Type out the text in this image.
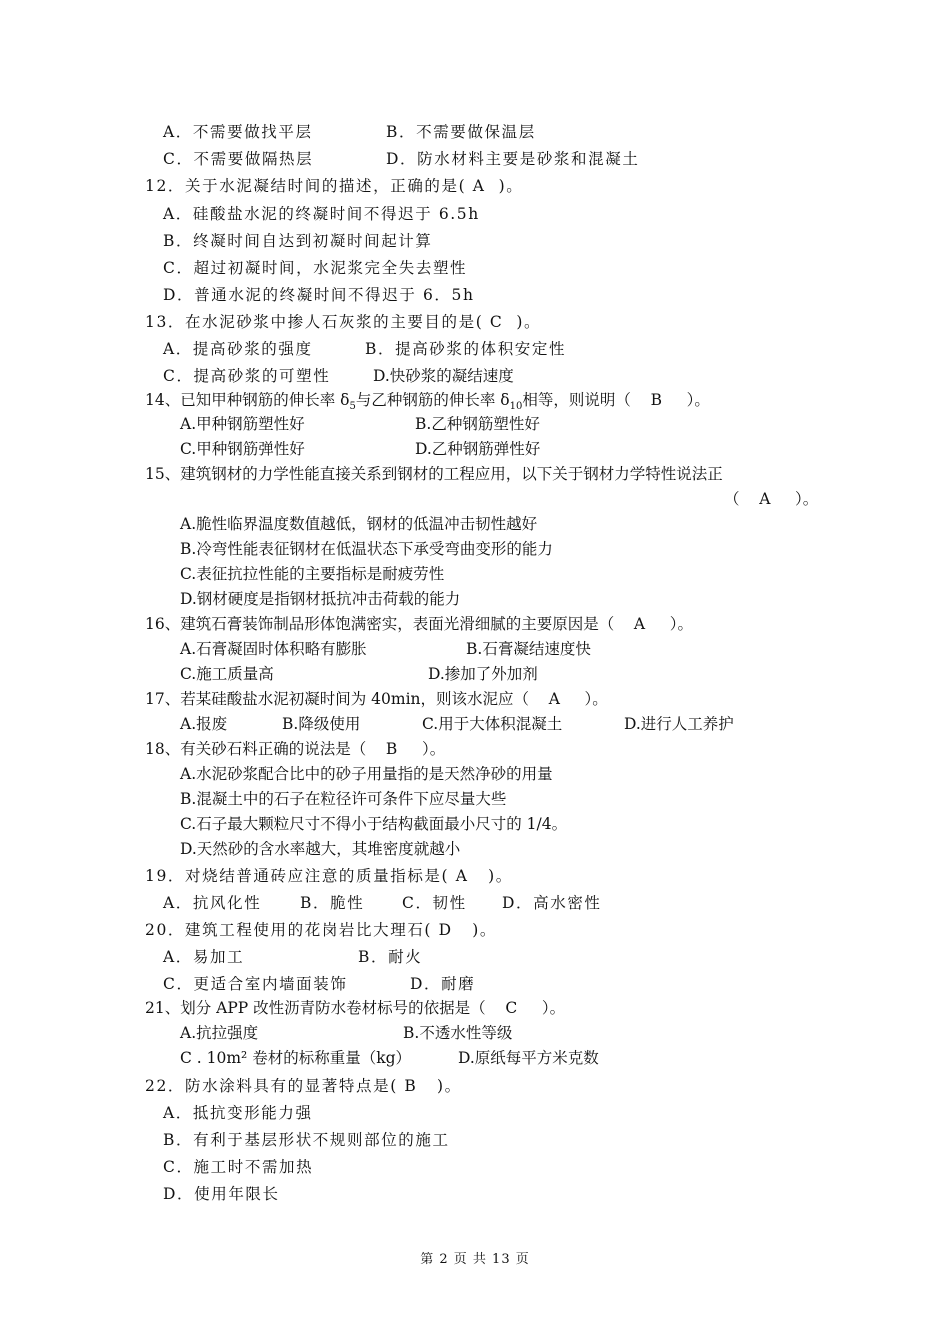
A．不需要做找平层	B．不需要做保温层
C．不需要做隔热层	D．防水材料主要是砂浆和混凝土
12．关于水泥凝结时间的描述，正确的是( A  )。
A．硅酸盐水泥的终凝时间不得迟于 6.5h
B．终凝时间自达到初凝时间起计算
C．超过初凝时间，水泥浆完全失去塑性
D．普通水泥的终凝时间不得迟于 6．5h
13．在水泥砂浆中掺人石灰浆的主要目的是( C  )。
A．提高砂浆的强度	B．提高砂浆的体积安定性
C．提高砂浆的可塑性	D.快砂浆的凝结速度
14、已知甲种钢筋的伸长率 $\delta_5$与乙种钢筋的伸长率 $\delta_{10}$相等，则说明（    B     ）。
A.甲种钢筋塑性好	B.乙种钢筋塑性好
C.甲种钢筋弹性好	D.乙种钢筋弹性好
15、建筑钢材的力学性能直接关系到钢材的工程应用，以下关于钢材力学特性说法正
（    A     ）。
A.脆性临界温度数值越低，钢材的低温冲击韧性越好
B.冷弯性能表征钢材在低温状态下承受弯曲变形的能力
C.表征抗拉性能的主要指标是耐疲劳性
D.钢材硬度是指钢材抵抗冲击荷载的能力
16、建筑石膏装饰制品形体饱满密实，表面光滑细腻的主要原因是（    A     ）。
A.石膏凝固时体积略有膨胀	B.石膏凝结速度快
C.施工质量高	D.掺加了外加剂
17、若某硅酸盐水泥初凝时间为 40min，则该水泥应（    A     ）。
A.报废	B.降级使用	C.用于大体积混凝土	D.进行人工养护
18、有关砂石料正确的说法是（    B     ）。
A.水泥砂浆配合比中的砂子用量指的是天然净砂的用量
B.混凝土中的石子在粒径许可条件下应尽量大些
C.石子最大颗粒尺寸不得小于结构截面最小尺寸的 1/4。
D.天然砂的含水率越大，其堆密度就越小
19．对烧结普通砖应注意的质量指标是( A   )。
A．抗风化性 B．脆性 C．韧性 D．高水密性
20．建筑工程使用的花岗岩比大理石( D   )。
A．易加工	B．耐火
C．更适合室内墙面装饰	D．耐磨
21、划分 APP 改性沥青防水卷材标号的依据是（    C     ）。
A.抗拉强度	B.不透水性等级
C . 10m² 卷材的标称重量（kg）	D.原纸每平方米克数
22．防水涂料具有的显著特点是( B   )。
A．抵抗变形能力强
B．有利于基层形状不规则部位的施工
C．施工时不需加热
D．使用年限长
第 2 页 共 13 页
